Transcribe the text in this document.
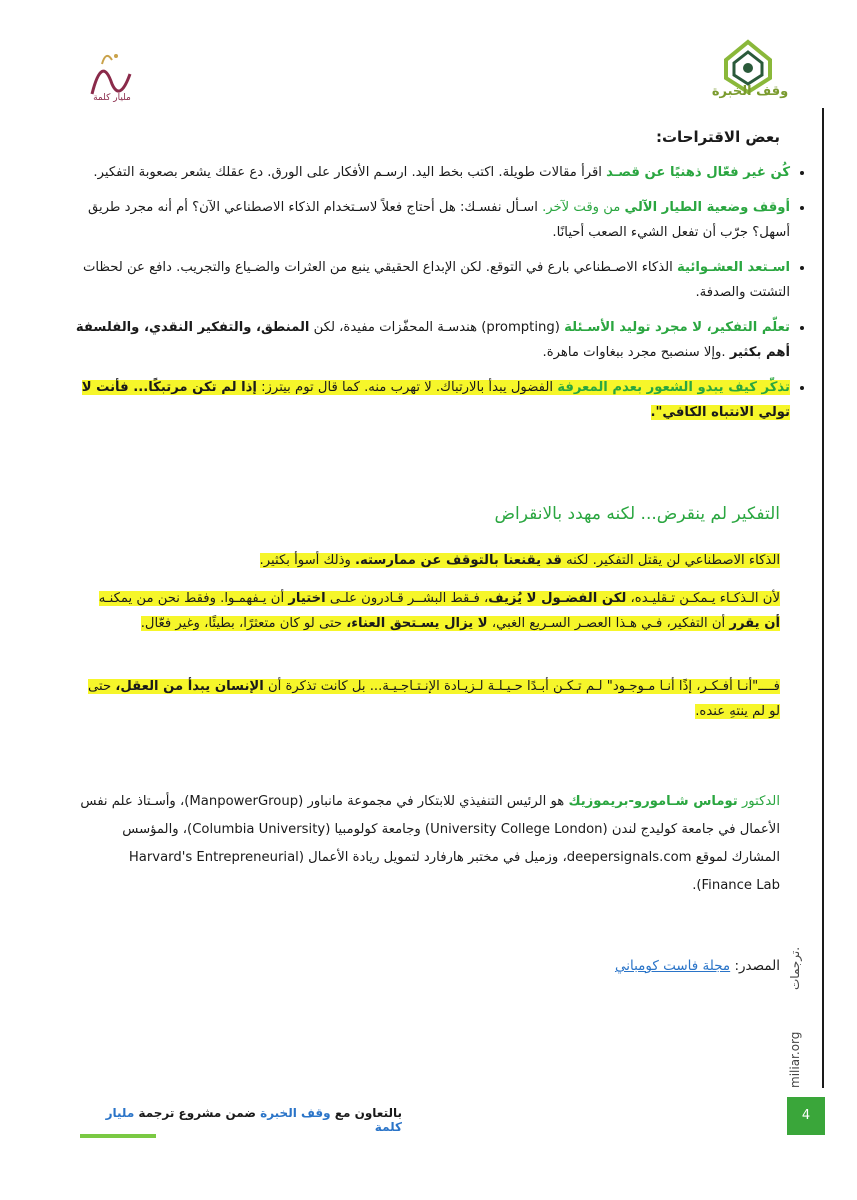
مليار كلمة	وقف الخبرة
بعض الاقتراحات:
• كُن غير فعّال ذهنيًا عن قصـد اقرأ مقالات طويلة. اكتب بخط اليد. ارسـم الأفكار على الورق. دع عقلك يشعر بصعوبة التفكير.
• أوقف وضعية الطيار الآلي من وقت لآخر. اسـأل نفسـك: هل أحتاج فعلاً لاسـتخدام الذكاء الاصطناعي الآن؟ أم أنه مجرد طريق أسهل؟ جرّب أن تفعل الشيء الصعب أحيانًا.
• اسـتعد العشـوائية الذكاء الاصـطناعي بارع في التوقع. لكن الإبداع الحقيقي ينبع من العثرات والضـياع والتجريب. دافع عن لحظات التشتت والصدفة.
• تعلّم التفكير، لا مجرد توليد الأسـئلة (prompting) هندسـة المحفّزات مفيدة، لكن المنطق، والتفكير النقدي، والفلسفة أهم بكثير .وإلا سنصبح مجرد ببغاوات ماهرة.
• تذكّر كيف يبدو الشعور بعدم المعرفة الفضول يبدأ بالارتباك. لا تهرب منه. كما قال توم بيترز: إذا لم تكن مرتبكًا... فأنت لا تولي الانتباه الكافي".
التفكير لم ينقرض... لكنه مهدد بالانقراض
الذكاء الاصطناعي لن يقتل التفكير. لكنه قد يقنعنا بالتوقف عن ممارسته. وذلك أسوأ بكثير.
لأن الـذكـاء يـمكـن تـقليـده، لكن الفضـول لا يُزيف، فـقط البشــر قـادرون علـى اختيار أن يـفهمـوا. وفقط نحن من يمكنـه أن يقرر أن التفكير، فـي هـذا العصـر السـريع الغبي، لا يزال يسـتحق العناء، حتى لو كان متعثرًا، بطيئًا، وغير فعّال.
فــــ"أنـا أفـكـر، إذًا أنـا مـوجـود" لـم تـكـن أبـدًا حـيـلـة لـزيـادة الإنـتـاجـيـة... بل كانت تذكرة أن الإنسان يبدأ من العقل، حتى لو لم ينتهِ عنده.
الدكتور توماس شـامورو-بريموزيك هو الرئيس التنفيذي للابتكار في مجموعة مانباور (ManpowerGroup)، وأسـتاذ علم نفس الأعمال في جامعة كوليدج لندن (University College London) وجامعة كولومبيا (Columbia University)، والمؤسس المشارك لموقع deepersignals.com، وزميل في مختبر هارفارد لتمويل ريادة الأعمال (Harvard's Entrepreneurial Finance Lab).
المصدر: مجلة فاست كومباني
miliar.org
ترجمات.
بالتعاون مع وقف الخبرة ضمن مشروع ترجمة مليار كلمة
4
